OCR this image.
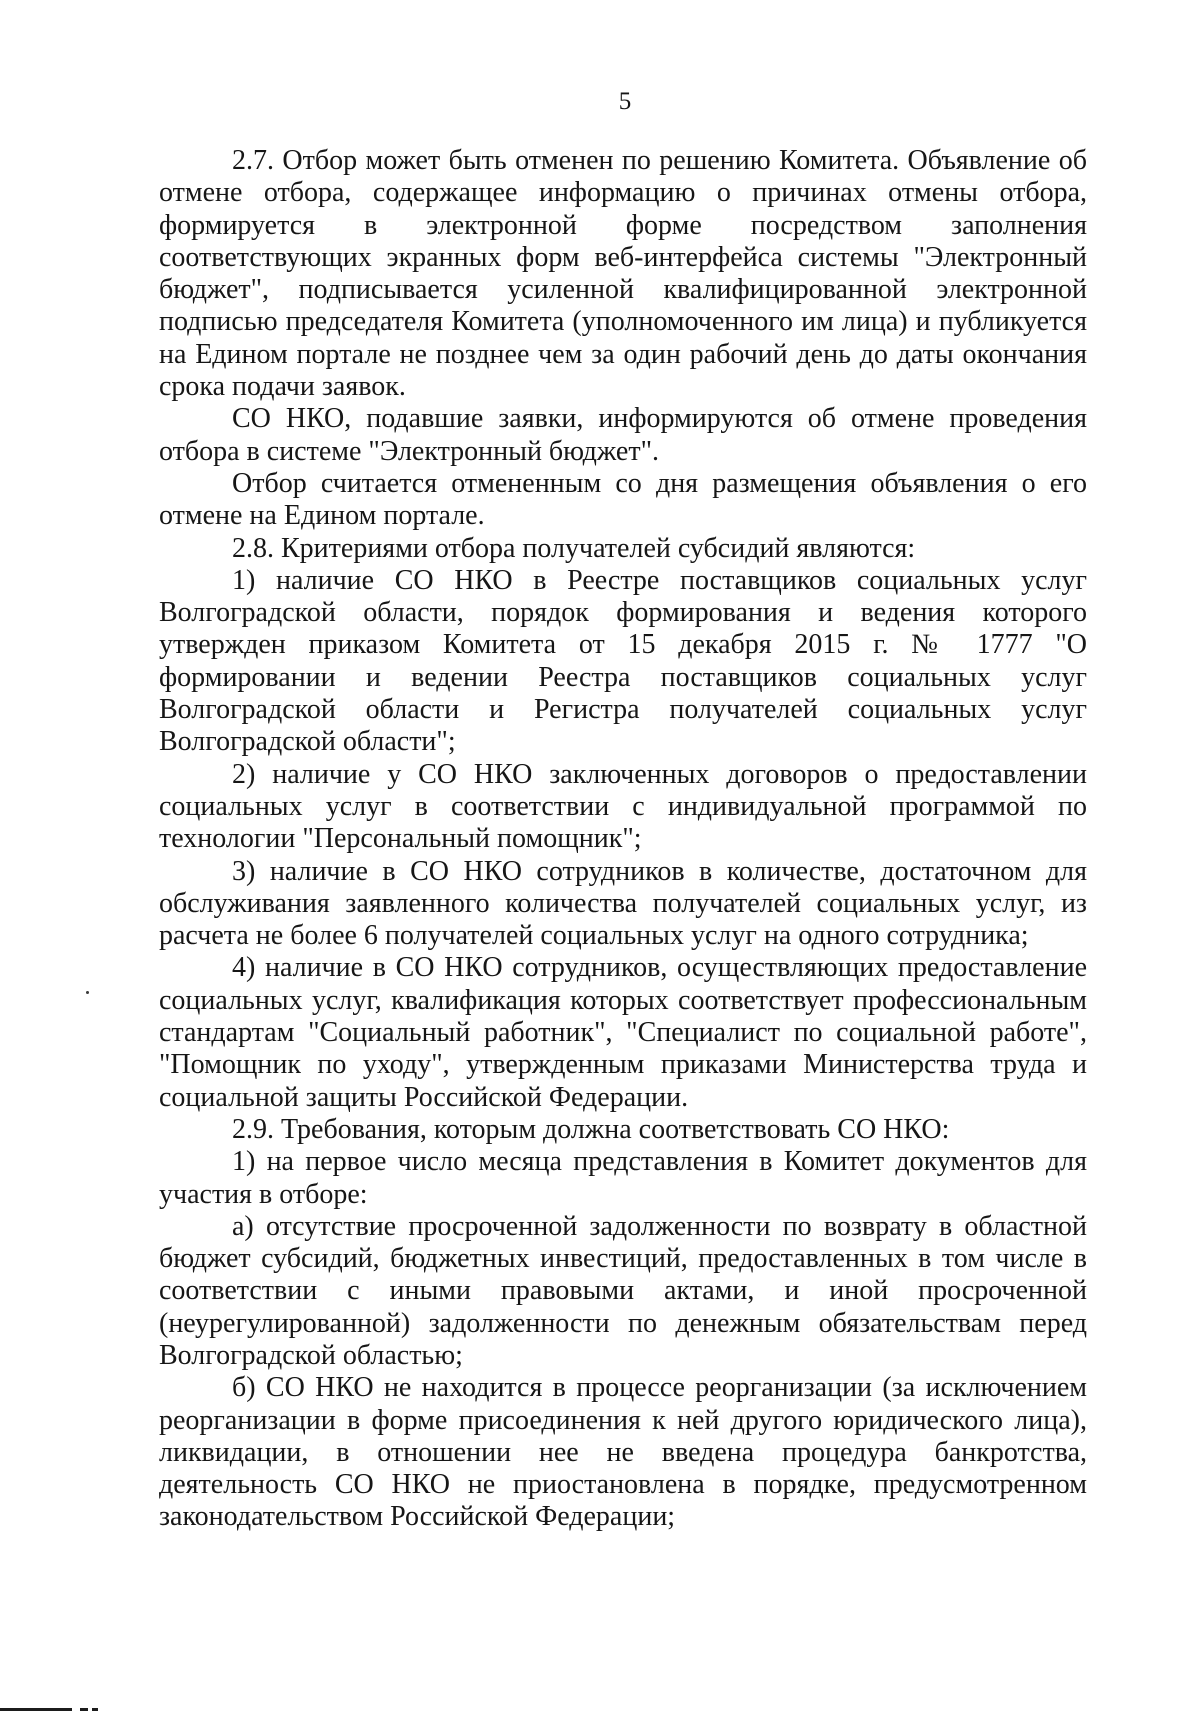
5

2.7. Отбор может быть отменен по решению Комитета. Объявление об отмене отбора, содержащее информацию о причинах отмены отбора, формируется в электронной форме посредством заполнения соответствующих экранных форм веб-интерфейса системы "Электронный бюджет", подписывается усиленной квалифицированной электронной подписью председателя Комитета (уполномоченного им лица) и публикуется на Едином портале не позднее чем за один рабочий день до даты окончания срока подачи заявок.

СО НКО, подавшие заявки, информируются об отмене проведения отбора в системе "Электронный бюджет".

Отбор считается отмененным со дня размещения объявления о его отмене на Едином портале.

2.8. Критериями отбора получателей субсидий являются:

1) наличие СО НКО в Реестре поставщиков социальных услуг Волгоградской области, порядок формирования и ведения которого утвержден приказом Комитета от 15 декабря 2015 г. № 1777 "О формировании и ведении Реестра поставщиков социальных услуг Волгоградской области и Регистра получателей социальных услуг Волгоградской области";

2) наличие у СО НКО заключенных договоров о предоставлении социальных услуг в соответствии с индивидуальной программой по технологии "Персональный помощник";

3) наличие в СО НКО сотрудников в количестве, достаточном для обслуживания заявленного количества получателей социальных услуг, из расчета не более 6 получателей социальных услуг на одного сотрудника;

4) наличие в СО НКО сотрудников, осуществляющих предоставление социальных услуг, квалификация которых соответствует профессиональным стандартам "Социальный работник", "Специалист по социальной работе", "Помощник по уходу", утвержденным приказами Министерства труда и социальной защиты Российской Федерации.

2.9. Требования, которым должна соответствовать СО НКО:

1) на первое число месяца представления в Комитет документов для участия в отборе:

а) отсутствие просроченной задолженности по возврату в областной бюджет субсидий, бюджетных инвестиций, предоставленных в том числе в соответствии с иными правовыми актами, и иной просроченной (неурегулированной) задолженности по денежным обязательствам перед Волгоградской областью;

б) СО НКО не находится в процессе реорганизации (за исключением реорганизации в форме присоединения к ней другого юридического лица), ликвидации, в отношении нее не введена процедура банкротства, деятельность СО НКО не приостановлена в порядке, предусмотренном законодательством Российской Федерации;
